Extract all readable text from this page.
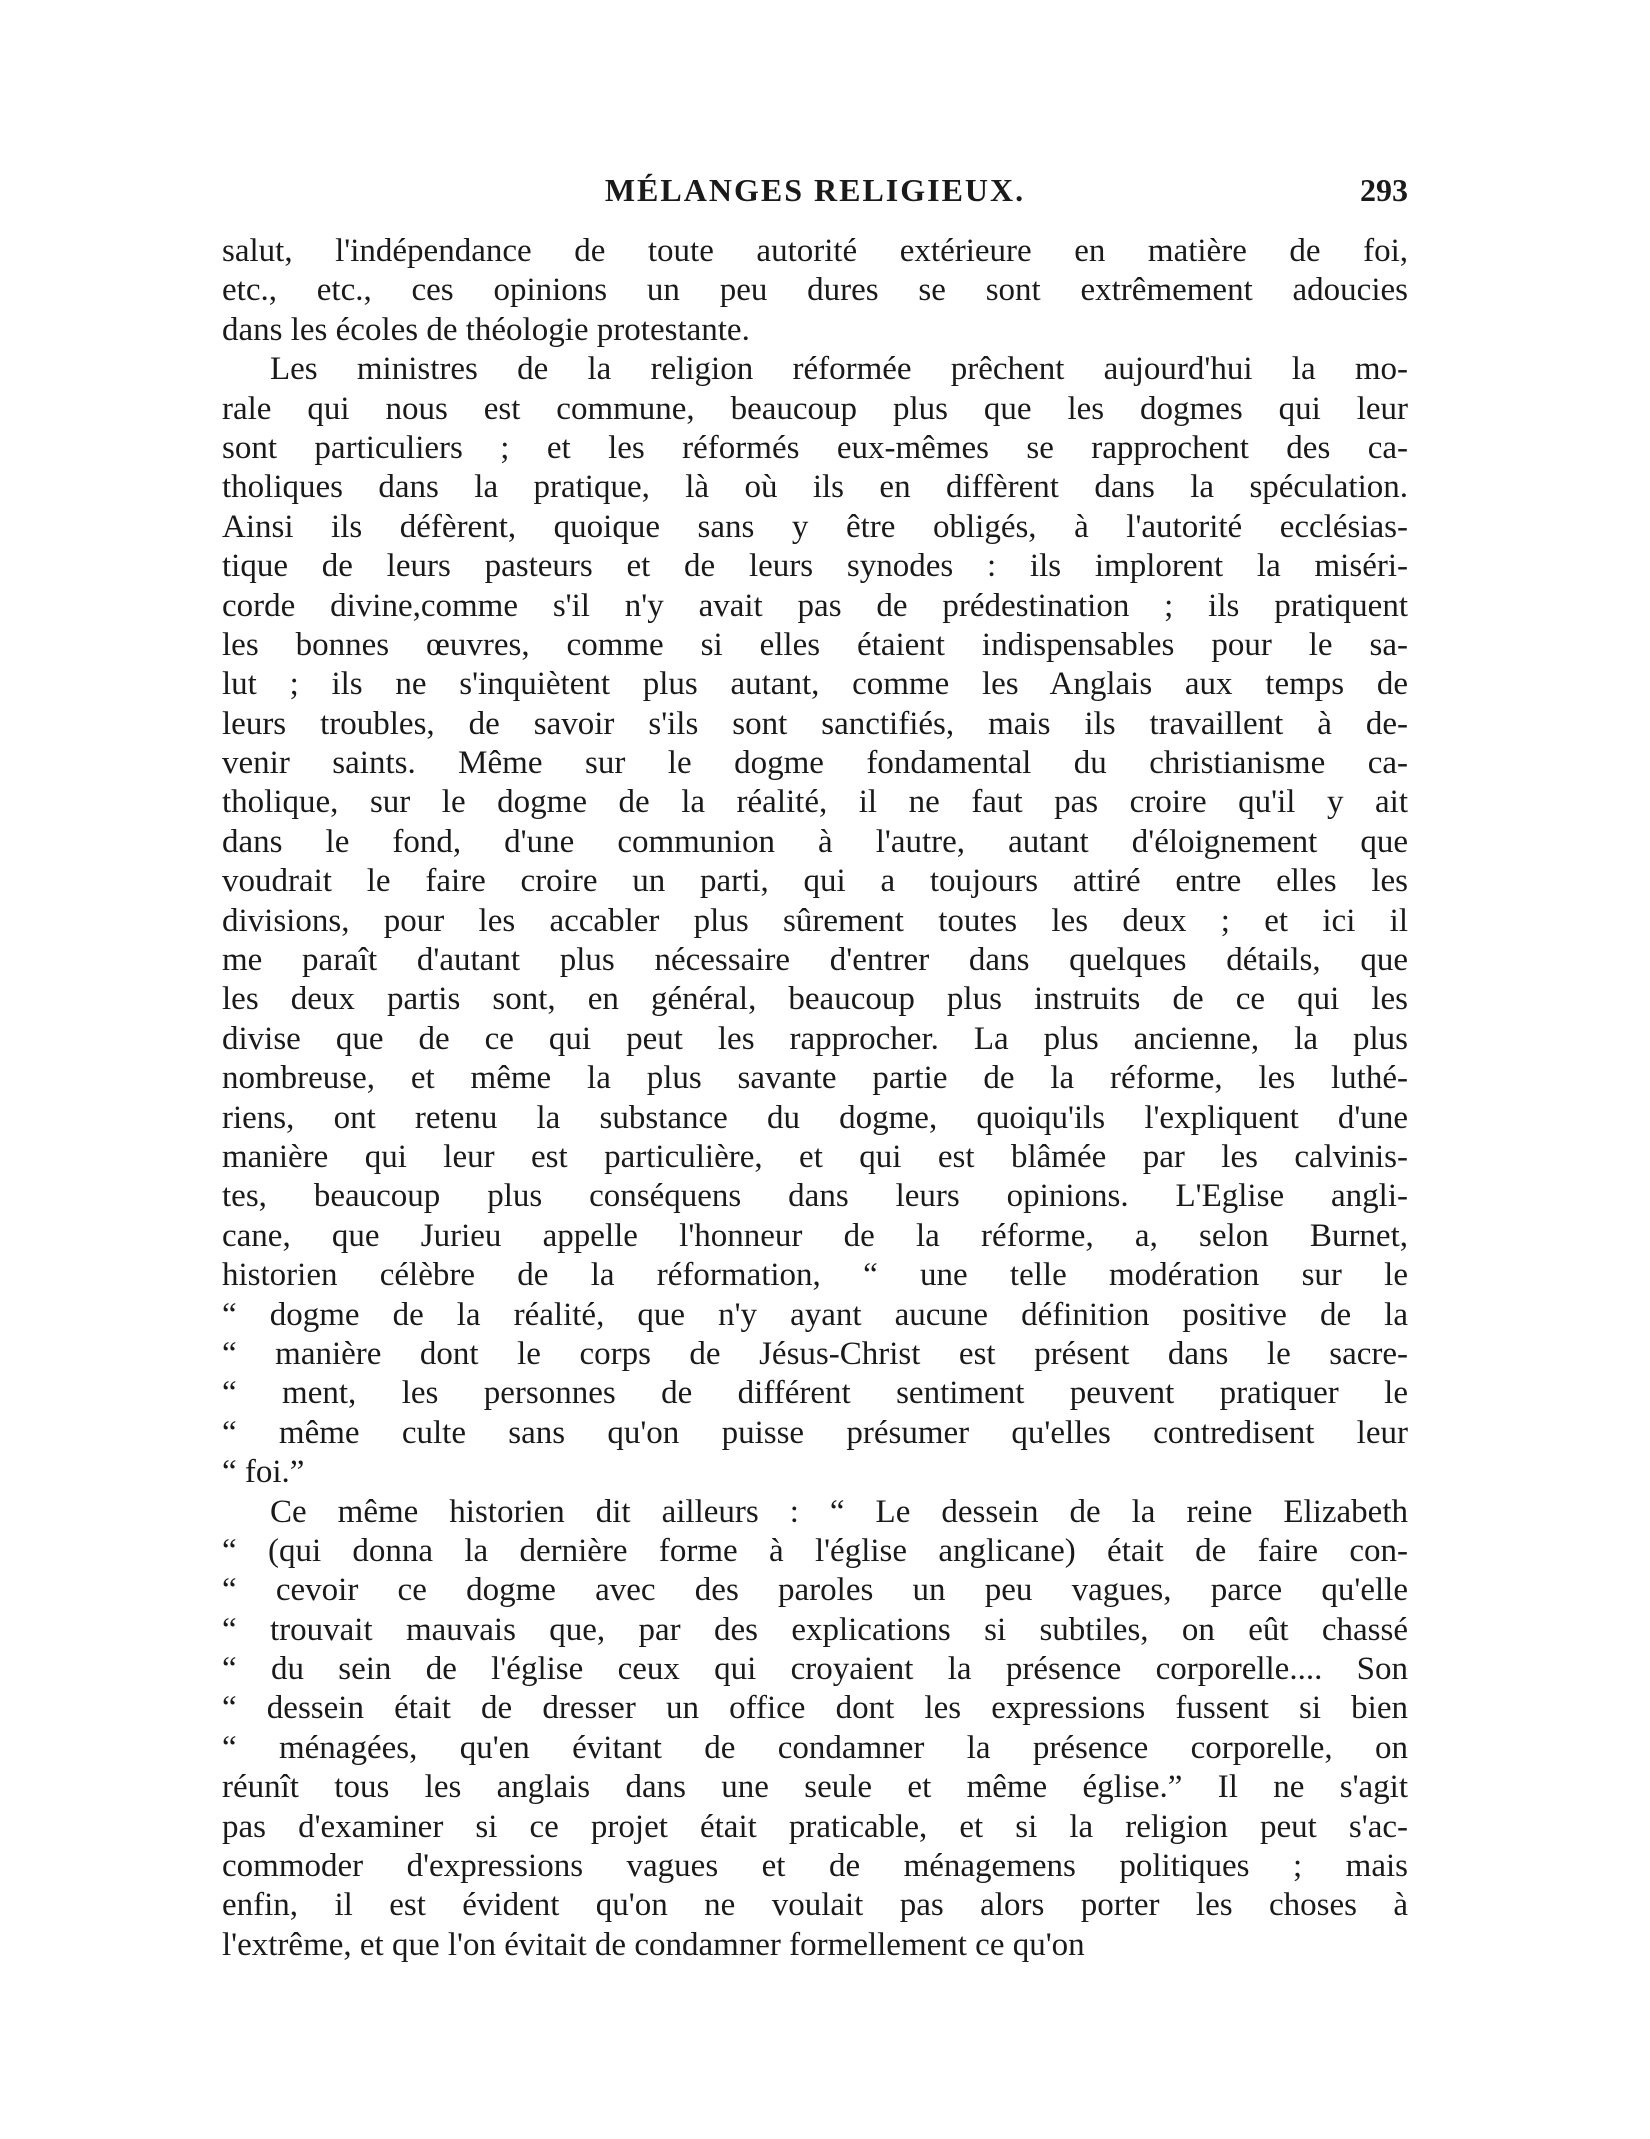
MÉLANGES RELIGIEUX.	293
salut, l'indépendance de toute autorité extérieure en matière de foi,
etc., etc., ces opinions un peu dures se sont extrêmement adoucies
dans les écoles de théologie protestante.
Les ministres de la religion réformée prêchent aujourd'hui la mo-
rale qui nous est commune, beaucoup plus que les dogmes qui leur
sont particuliers ; et les réformés eux-mêmes se rapprochent des ca-
tholiques dans la pratique, là où ils en diffèrent dans la spéculation.
Ainsi ils défèrent, quoique sans y être obligés, à l'autorité ecclésias-
tique de leurs pasteurs et de leurs synodes : ils implorent la miséri-
corde divine,comme s'il n'y avait pas de prédestination ; ils pratiquent
les bonnes œuvres, comme si elles étaient indispensables pour le sa-
lut ; ils ne s'inquiètent plus autant, comme les Anglais aux temps de
leurs troubles, de savoir s'ils sont sanctifiés, mais ils travaillent à de-
venir saints. Même sur le dogme fondamental du christianisme ca-
tholique, sur le dogme de la réalité, il ne faut pas croire qu'il y ait
dans le fond, d'une communion à l'autre, autant d'éloignement que
voudrait le faire croire un parti, qui a toujours attiré entre elles les
divisions, pour les accabler plus sûrement toutes les deux ; et ici il
me paraît d'autant plus nécessaire d'entrer dans quelques détails, que
les deux partis sont, en général, beaucoup plus instruits de ce qui les
divise que de ce qui peut les rapprocher. La plus ancienne, la plus
nombreuse, et même la plus savante partie de la réforme, les luthé-
riens, ont retenu la substance du dogme, quoiqu'ils l'expliquent d'une
manière qui leur est particulière, et qui est blâmée par les calvinis-
tes, beaucoup plus conséquens dans leurs opinions. L'Eglise angli-
cane, que Jurieu appelle l'honneur de la réforme, a, selon Burnet,
historien célèbre de la réformation, “ une telle modération sur le
“ dogme de la réalité, que n'y ayant aucune définition positive de la
“ manière dont le corps de Jésus-Christ est présent dans le sacre-
“ ment, les personnes de différent sentiment peuvent pratiquer le
“ même culte sans qu'on puisse présumer qu'elles contredisent leur
“ foi.”
Ce même historien dit ailleurs : “ Le dessein de la reine Elizabeth
“ (qui donna la dernière forme à l'église anglicane) était de faire con-
“ cevoir ce dogme avec des paroles un peu vagues, parce qu'elle
“ trouvait mauvais que, par des explications si subtiles, on eût chassé
“ du sein de l'église ceux qui croyaient la présence corporelle.... Son
“ dessein était de dresser un office dont les expressions fussent si bien
“ ménagées, qu'en évitant de condamner la présence corporelle, on
réunît tous les anglais dans une seule et même église.” Il ne s'agit
pas d'examiner si ce projet était praticable, et si la religion peut s'ac-
commoder d'expressions vagues et de ménagemens politiques ; mais
enfin, il est évident qu'on ne voulait pas alors porter les choses à
l'extrême, et que l'on évitait de condamner formellement ce qu'on
